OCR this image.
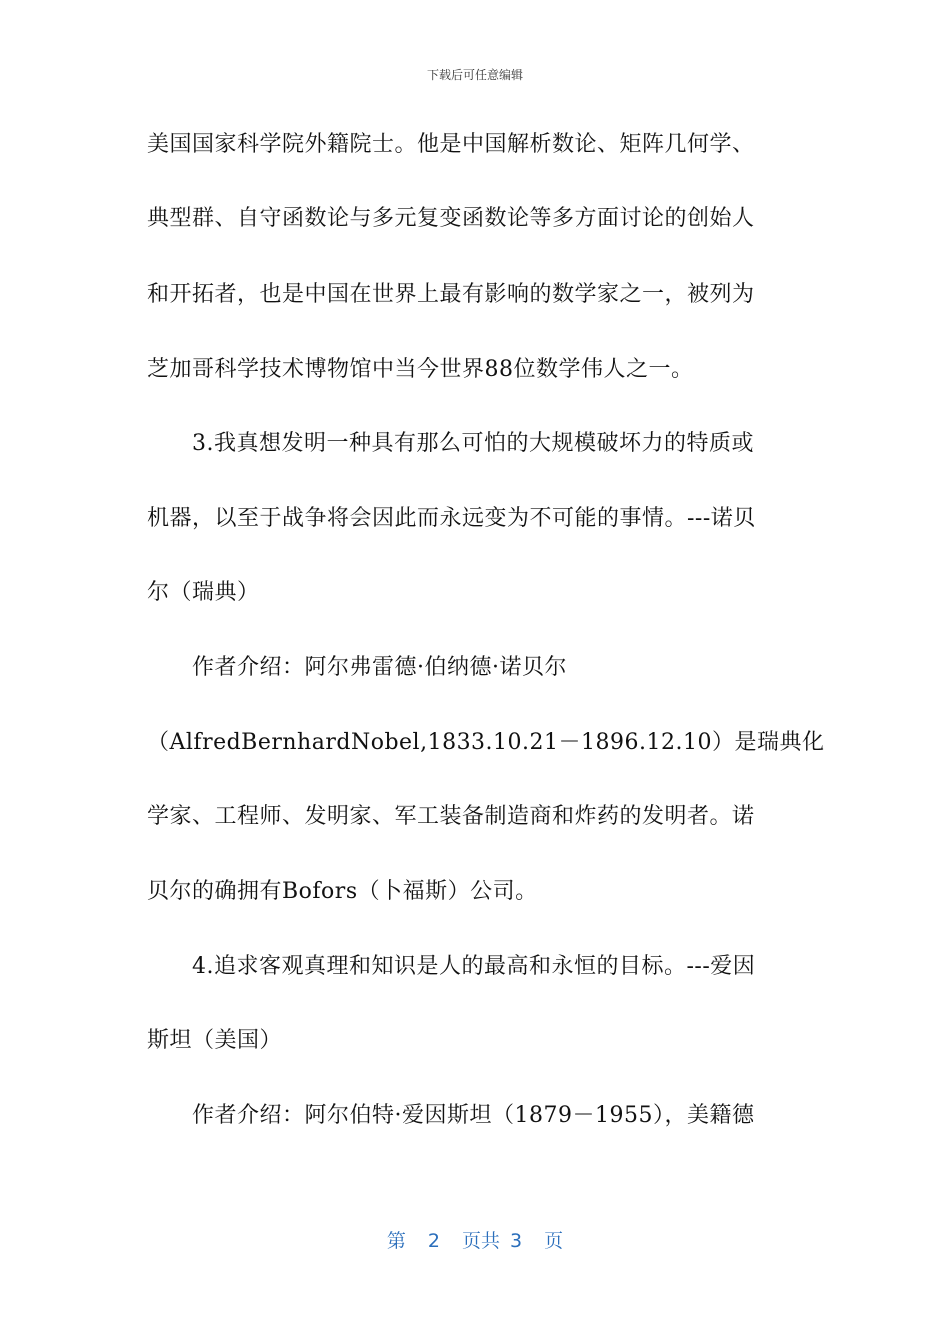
下载后可任意编辑
美国国家科学院外籍院士。他是中国解析数论、矩阵几何学、
典型群、自守函数论与多元复变函数论等多方面讨论的创始人
和开拓者，也是中国在世界上最有影响的数学家之一，被列为
芝加哥科学技术博物馆中当今世界88位数学伟人之一。
3.我真想发明一种具有那么可怕的大规模破坏力的特质或
机器，以至于战争将会因此而永远变为不可能的事情。---诺贝
尔（瑞典）
作者介绍：阿尔弗雷德·伯纳德·诺贝尔
（AlfredBernhardNobel,1833.10.21－1896.12.10）是瑞典化
学家、工程师、发明家、军工装备制造商和炸药的发明者。诺
贝尔的确拥有Bofors（卜福斯）公司。
4.追求客观真理和知识是人的最高和永恒的目标。---爱因
斯坦（美国）
作者介绍：阿尔伯特·爱因斯坦（1879－1955），美籍德
第 2 页共 3 页
